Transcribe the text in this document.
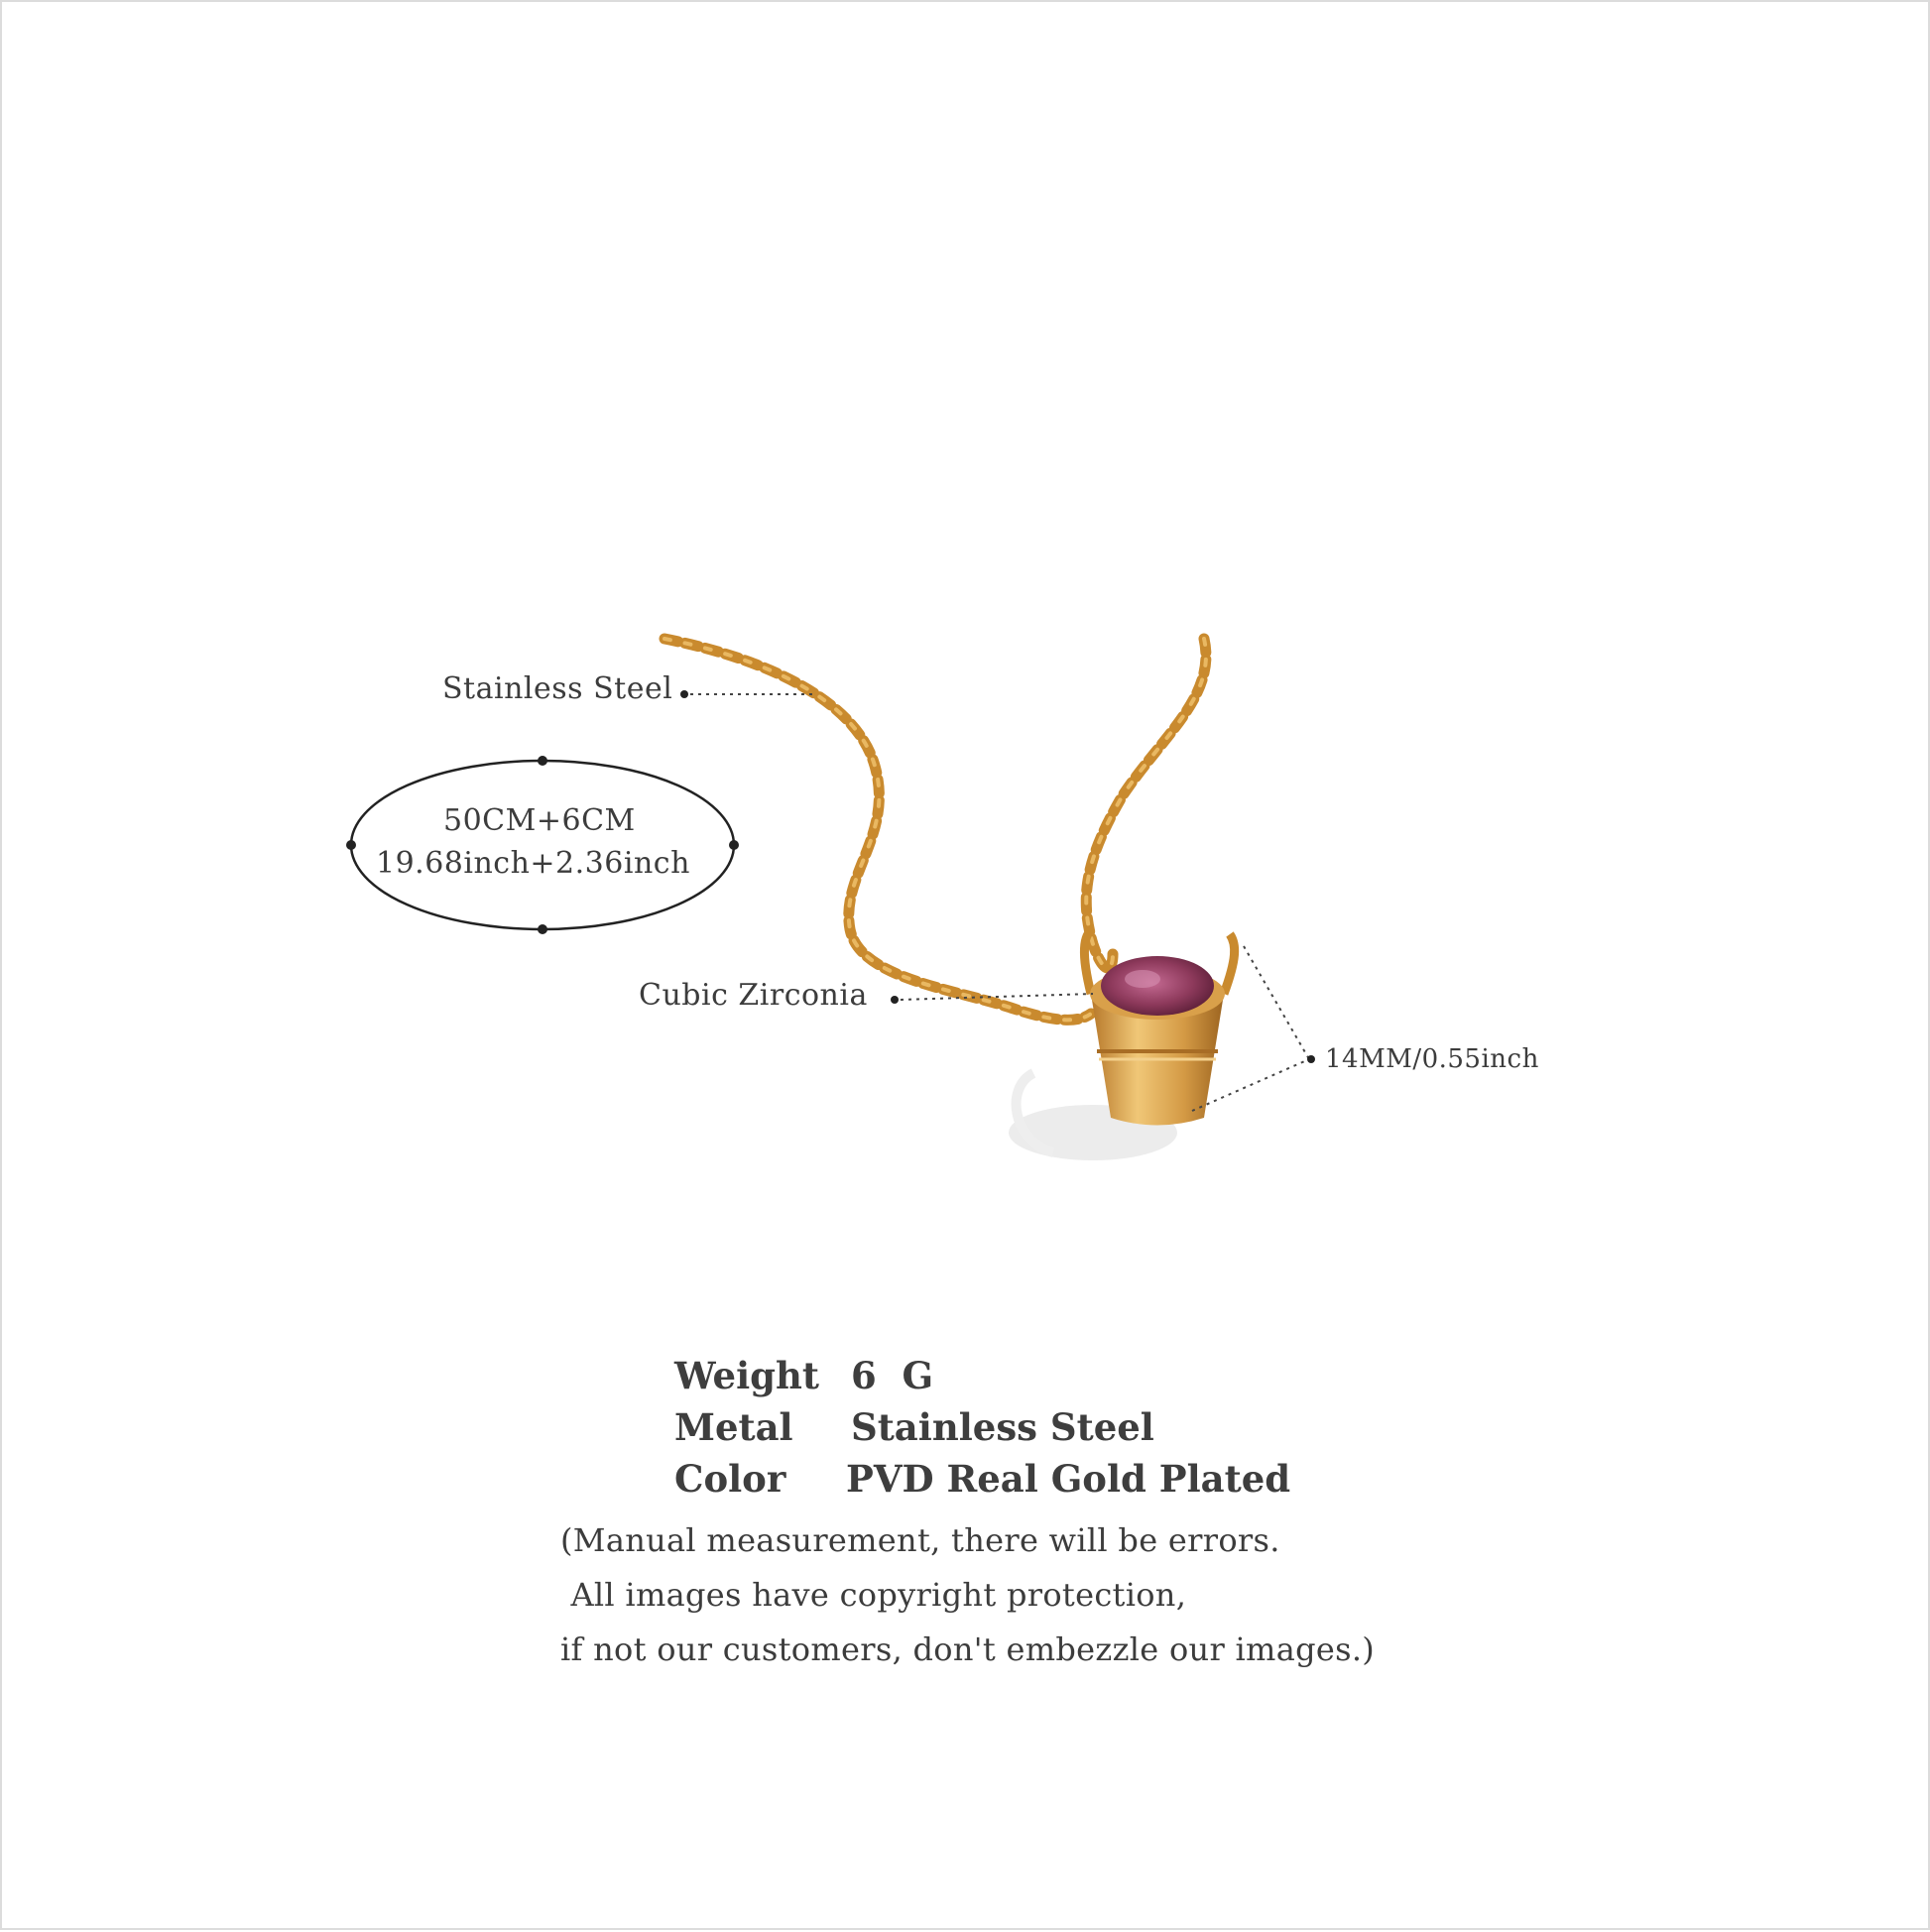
Stainless Steel
50CM+6CM
19.68inch+2.36inch
Cubic Zirconia
14MM/0.55inch
Weight 6  G
Metal Stainless Steel
Color PVD Real Gold Plated
(Manual measurement, there will be errors.
All images have copyright protection,
if not our customers, don't embezzle our images.)
